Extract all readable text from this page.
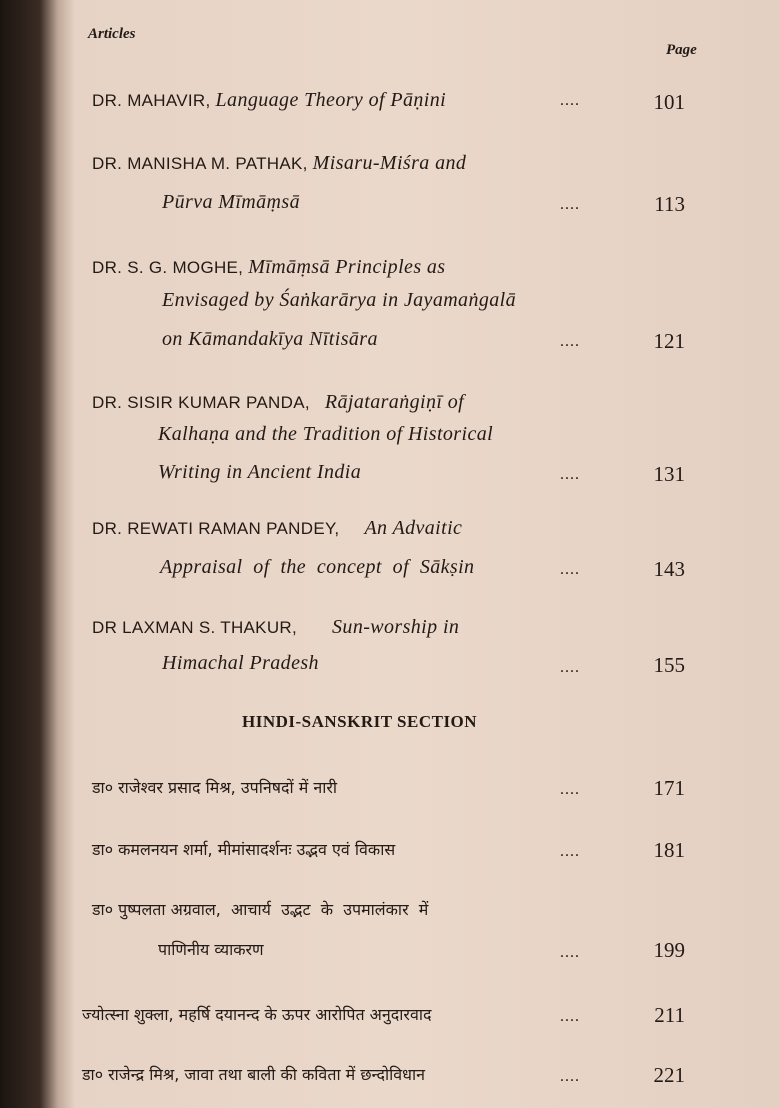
Articles
Page
DR. MAHAVIR, Language Theory of Pāṇini	....	101
DR. MANISHA M. PATHAK, Misaru-Miśra and
Pūrva Mīmāṃsā	....	113
DR. S. G. MOGHE, Mīmāṃsā Principles as
Envisaged by Śaṅkarārya in Jayamaṅgalā
on Kāmandakīya Nītisāra	....	121
DR. SISIR KUMAR PANDA, Rājataraṅgiṇī of
Kalhaṇa and the Tradition of Historical
Writing in Ancient India	....	131
DR. REWATI RAMAN PANDEY, An Advaitic
Appraisal  of  the  concept  of  Sākṣin	....	143
DR LAXMAN S. THAKUR, Sun-worship in
Himachal Pradesh	....	155
HINDI-SANSKRIT SECTION
डा० राजेश्वर प्रसाद मिश्र, उपनिषदों में नारी	....	171
डा० कमलनयन शर्मा, मीमांसादर्शनः उद्भव एवं विकास	....	181
डा० पुष्पलता अग्रवाल,  आचार्य  उद्भट  के  उपमालंकार  में
पाणिनीय व्याकरण	....	199
ज्योत्स्ना शुक्ला, महर्षि दयानन्द के ऊपर आरोपित अनुदारवाद	....	211
डा० राजेन्द्र मिश्र, जावा तथा बाली की कविता में छन्दोविधान	....	221
